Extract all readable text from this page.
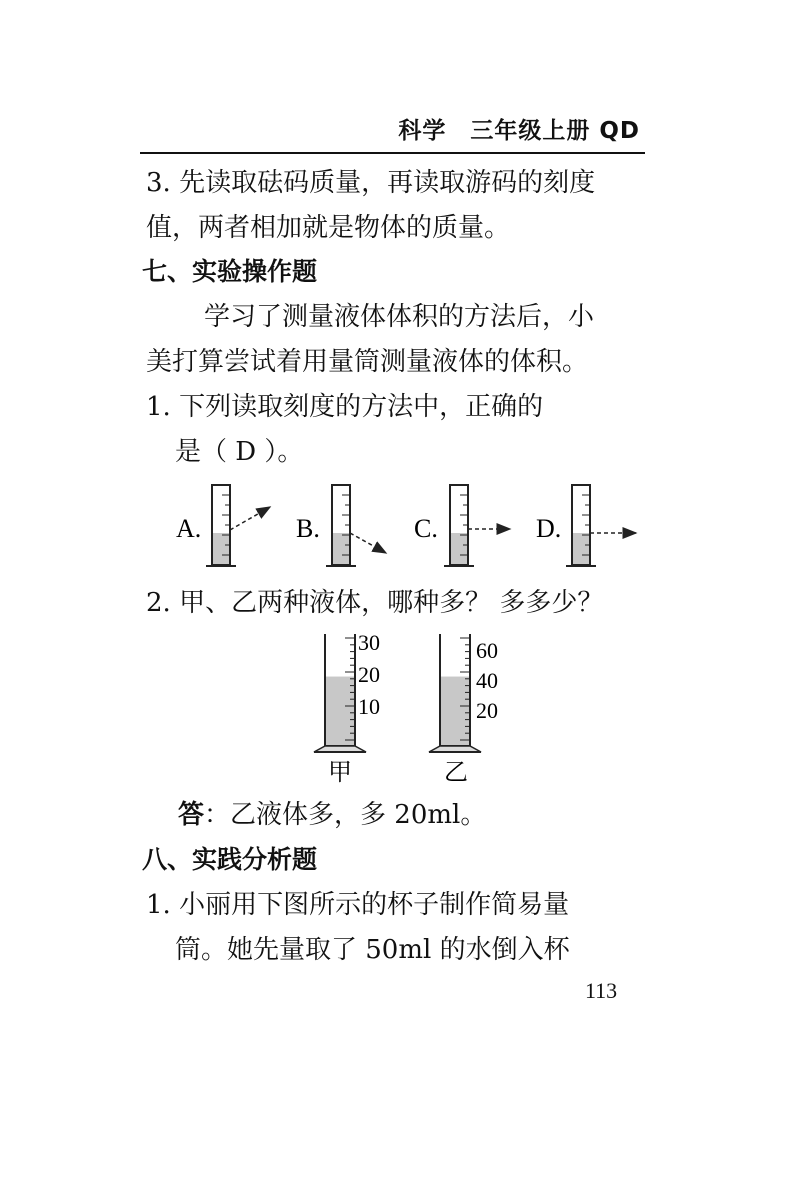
科学　三年级上册 QD
3. 先读取砝码质量，再读取游码的刻度
值，两者相加就是物体的质量。
七、实验操作题
学习了测量液体体积的方法后，小
美打算尝试着用量筒测量液体的体积。
1. 下列读取刻度的方法中，正确的
是（ D ）。
A.	B.	C.	D.
2. 甲、乙两种液体，哪种多？ 多多少？
30
20
10
甲
60
40
20
乙
答：乙液体多，多 20ml。
八、实践分析题
1. 小丽用下图所示的杯子制作简易量
筒。她先量取了 50ml 的水倒入杯
113
